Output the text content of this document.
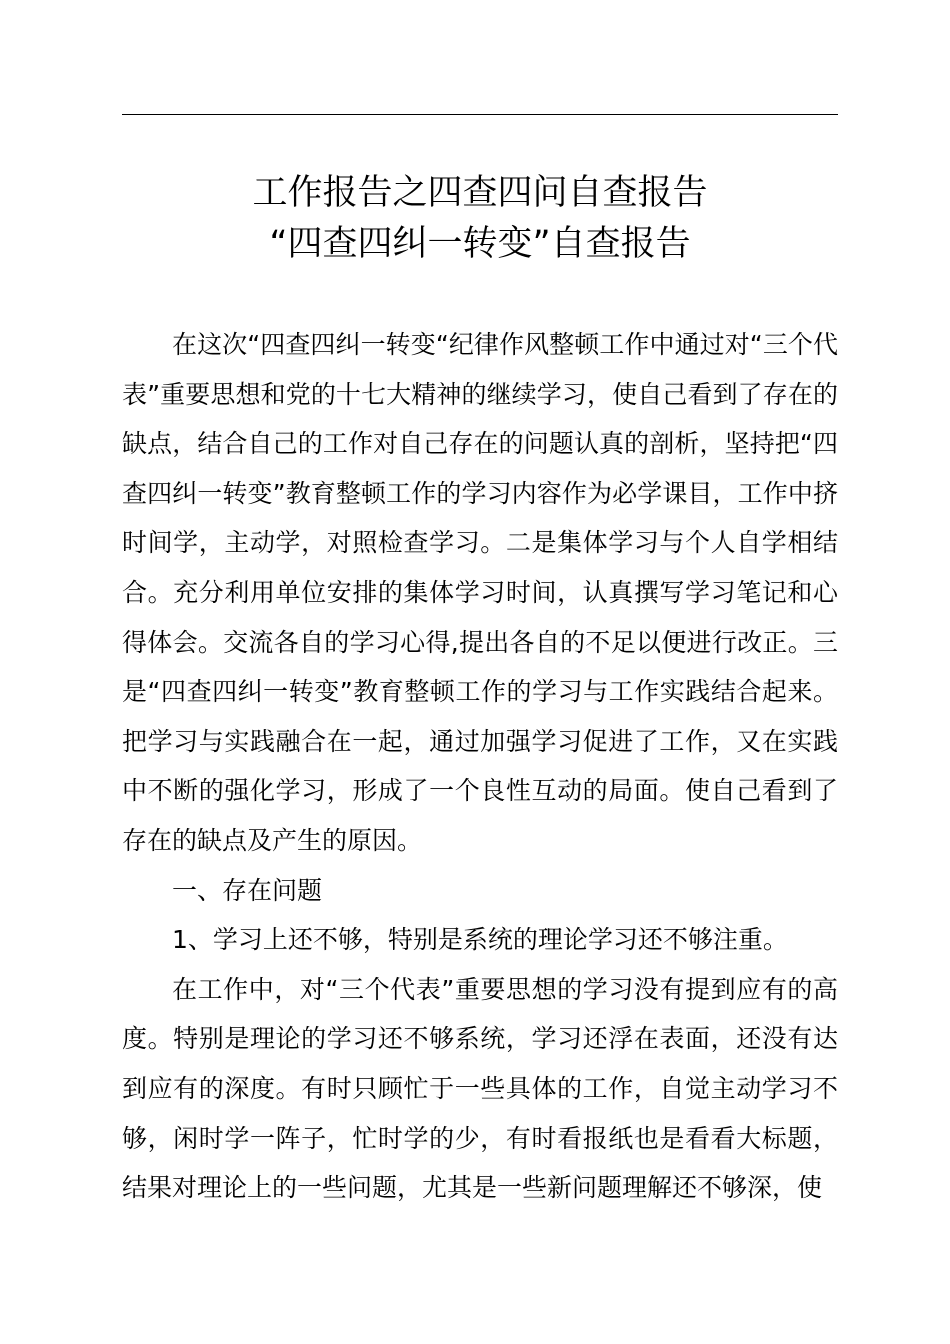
工作报告之四查四问自查报告
“四查四纠一转变”自查报告

在这次“四查四纠一转变“纪律作风整顿工作中通过对“三个代表”重要思想和党的十七大精神的继续学习，使自己看到了存在的缺点，结合自己的工作对自己存在的问题认真的剖析，坚持把“四查四纠一转变”教育整顿工作的学习内容作为必学课目，工作中挤时间学，主动学，对照检查学习。二是集体学习与个人自学相结合。充分利用单位安排的集体学习时间，认真撰写学习笔记和心得体会。交流各自的学习心得,提出各自的不足以便进行改正。三是“四查四纠一转变”教育整顿工作的学习与工作实践结合起来。把学习与实践融合在一起，通过加强学习促进了工作，又在实践中不断的强化学习，形成了一个良性互动的局面。使自己看到了存在的缺点及产生的原因。

一、存在问题

1、学习上还不够，特别是系统的理论学习还不够注重。

在工作中，对“三个代表”重要思想的学习没有提到应有的高度。特别是理论的学习还不够系统，学习还浮在表面，还没有达到应有的深度。有时只顾忙于一些具体的工作，自觉主动学习不够，闲时学一阵子，忙时学的少，有时看报纸也是看看大标题，结果对理论上的一些问题，尤其是一些新问题理解还不够深，使
